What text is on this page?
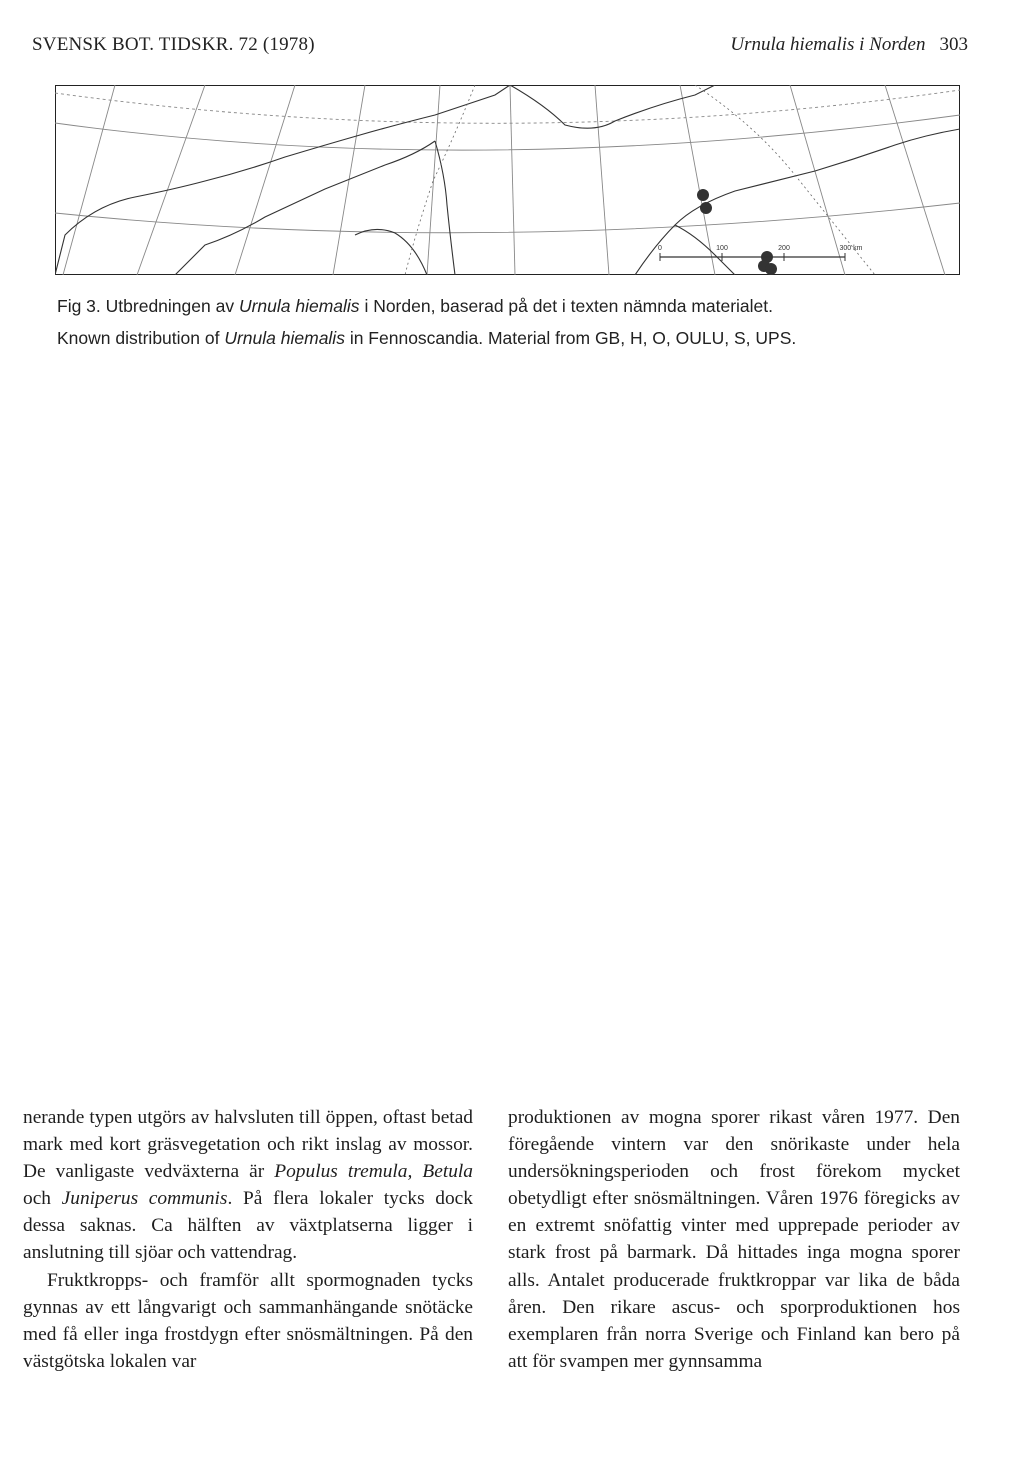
SVENSK BOT. TIDSKR. 72 (1978)	Urnula hiemalis i Norden 303
0	100	200	300 km

Fig 3. Utbredningen av Urnula hiemalis i Norden, baserad på det i texten nämnda materialet.

Known distribution of Urnula hiemalis in Fennoscandia. Material from GB, H, O, OULU, S, UPS.

nerande typen utgörs av halvsluten till öppen, oftast betad mark med kort gräsvegetation och rikt inslag av mossor. De vanligaste vedväxterna är Populus tremula, Betula och Juniperus communis. På flera lokaler tycks dock dessa saknas. Ca hälften av växtplatserna ligger i anslutning till sjöar och vattendrag.

Fruktkropps- och framför allt spormognaden tycks gynnas av ett långvarigt och sammanhängande snötäcke med få eller inga frostdygn efter snösmältningen. På den västgötska lokalen var

produktionen av mogna sporer rikast våren 1977. Den föregående vintern var den snörikaste under hela undersökningsperioden och frost förekom mycket obetydligt efter snösmältningen. Våren 1976 föregicks av en extremt snöfattig vinter med upprepade perioder av stark frost på barmark. Då hittades inga mogna sporer alls. Antalet producerade fruktkroppar var lika de båda åren. Den rikare ascus- och sporproduktionen hos exemplaren från norra Sverige och Finland kan bero på att för svampen mer gynnsamma
